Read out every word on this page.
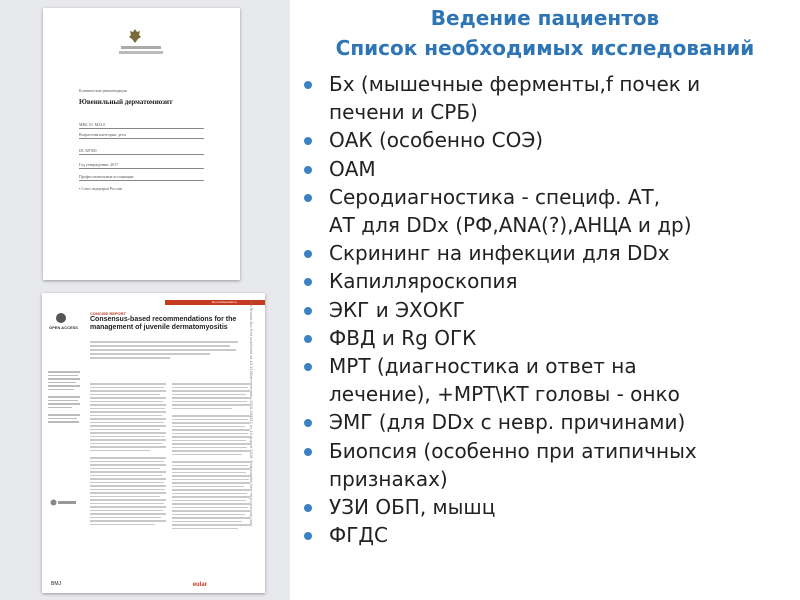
Клинические рекомендации
Ювенильный дерматомиозит
МКБ 10: M33.0
Возрастная категория: дети
ID: KP300
Год утверждения: 2017
Профессиональные ассоциации:
• Союз педиатров России
Recommendation
OPEN ACCESS
CONCISE REPORT
Consensus-based recommendations for the management of juvenile dermatomyositis
BMJ	eular
Ann Rheum Dis: first published as 10.1136/annrheumdis-2016-209247 on 13 August 2016. Downloaded from http://ard.bmj.com/
Ведение пациентов
Список необходимых исследований
Бх (мышечные ферменты,f почек и
печени и СРБ)
ОАК (особенно СОЭ)
ОАМ
Серодиагностика - специф. АТ,
АТ для DDx (РФ,ANA(?),АНЦА и др)
Скрининг на инфекции для DDx
Капилляроскопия
ЭКГ и ЭХОКГ
ФВД и Rg ОГК
МРТ (диагностика и ответ на
лечение), +МРТ\КТ головы - онко
ЭМГ (для DDx с невр. причинами)
Биопсия (особенно при атипичных
признаках)
УЗИ ОБП, мышц
ФГДС
